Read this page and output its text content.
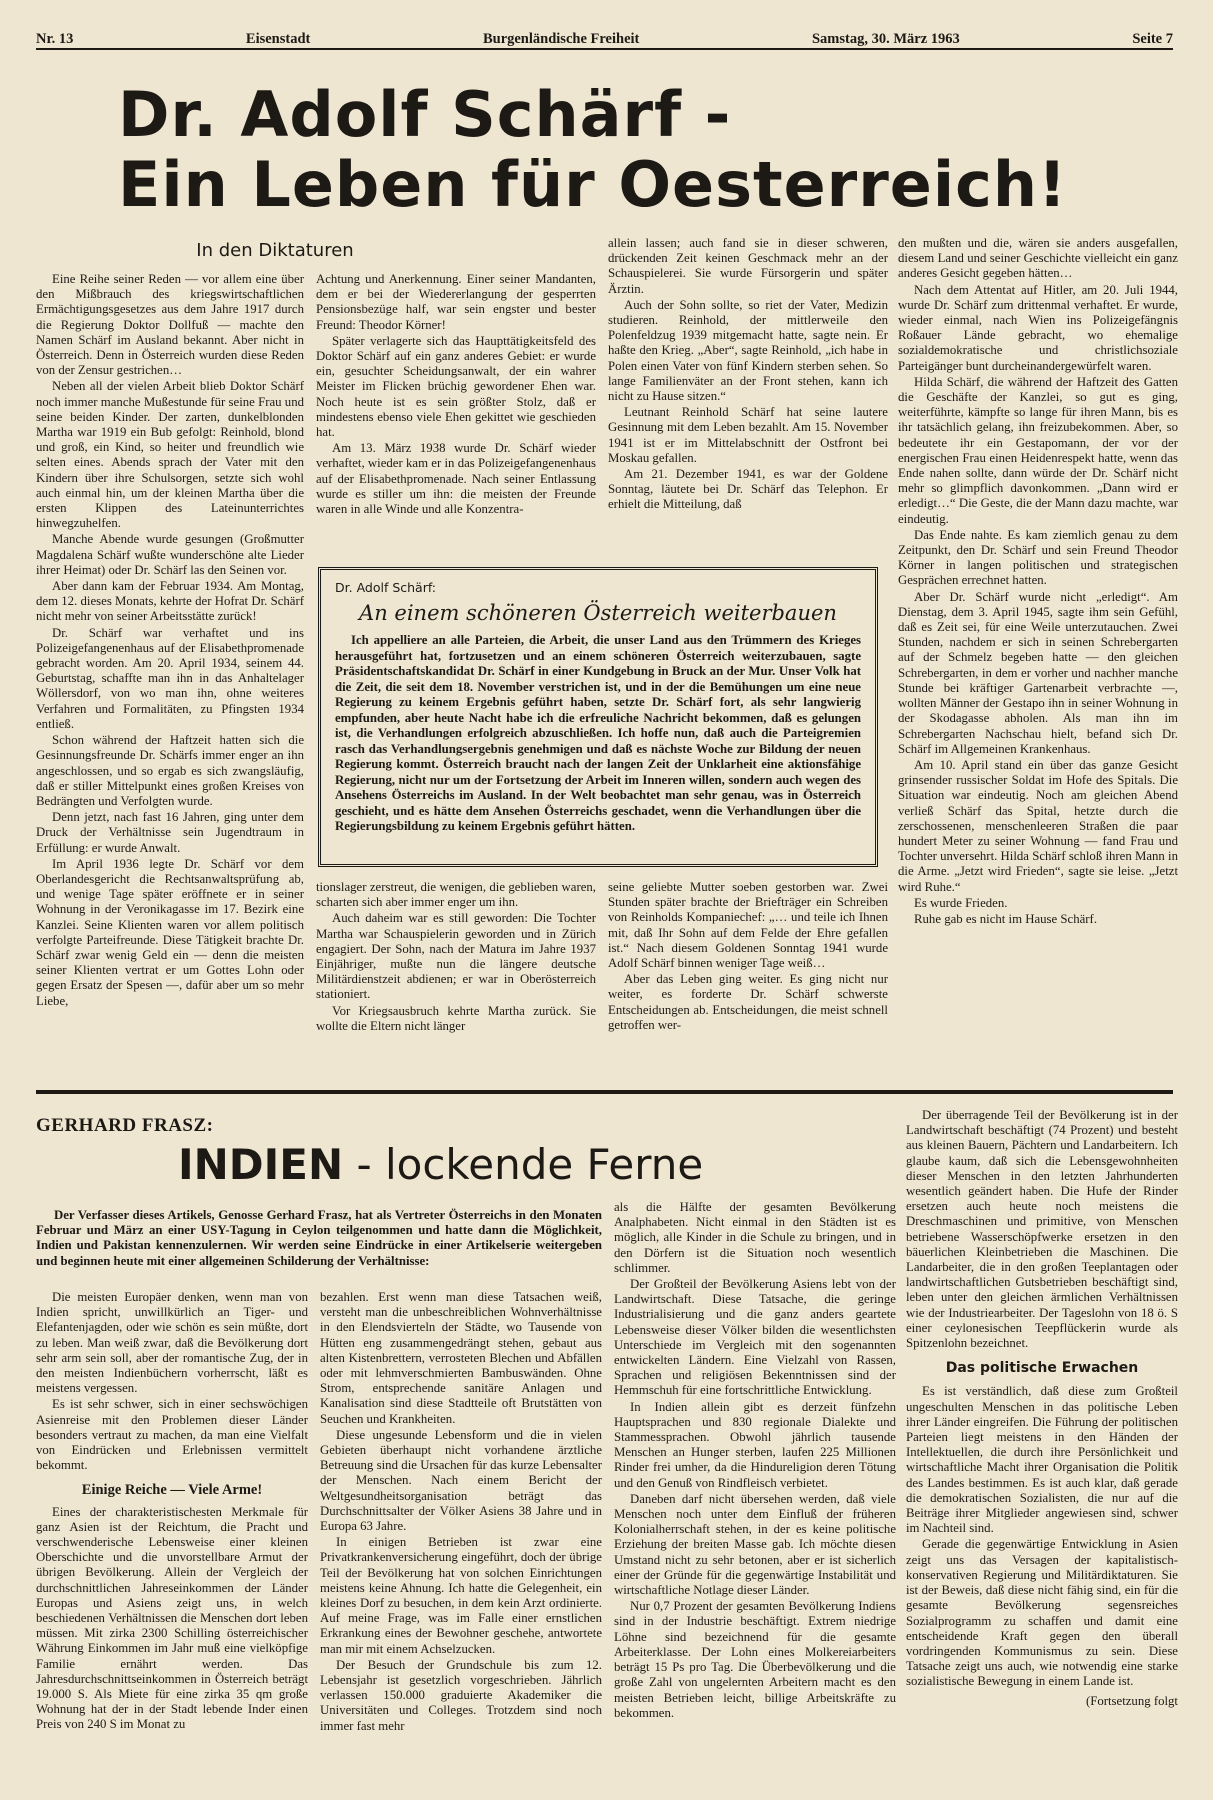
Nr. 13	Eisenstadt	Burgenländische Freiheit	Samstag, 30. März 1963	Seite 7
Dr. Adolf Schärf -
Ein Leben für Oesterreich!
In den Diktaturen

Eine Reihe seiner Reden — vor allem eine über den Mißbrauch des kriegswirtschaftlichen Ermächtigungsgesetzes aus dem Jahre 1917 durch die Regierung Doktor Dollfuß — machte den Namen Schärf im Ausland bekannt. Aber nicht in Österreich. Denn in Österreich wurden diese Reden von der Zensur gestrichen…

Neben all der vielen Arbeit blieb Doktor Schärf noch immer manche Mußestunde für seine Frau und seine beiden Kinder. Der zarten, dunkelblonden Martha war 1919 ein Bub gefolgt: Reinhold, blond und groß, ein Kind, so heiter und freundlich wie selten eines. Abends sprach der Vater mit den Kindern über ihre Schulsorgen, setzte sich wohl auch einmal hin, um der kleinen Martha über die ersten Klippen des Lateinunterrichtes hinwegzuhelfen.

Manche Abende wurde gesungen (Großmutter Magdalena Schärf wußte wunderschöne alte Lieder ihrer Heimat) oder Dr. Schärf las den Seinen vor.

Aber dann kam der Februar 1934. Am Montag, dem 12. dieses Monats, kehrte der Hofrat Dr. Schärf nicht mehr von seiner Arbeitsstätte zurück!

Dr. Schärf war verhaftet und ins Polizeigefangenenhaus auf der Elisabethpromenade gebracht worden. Am 20. April 1934, seinem 44. Geburtstag, schaffte man ihn in das Anhaltelager Wöllersdorf, von wo man ihn, ohne weiteres Verfahren und Formalitäten, zu Pfingsten 1934 entließ.

Schon während der Haftzeit hatten sich die Gesinnungsfreunde Dr. Schärfs immer enger an ihn angeschlossen, und so ergab es sich zwangsläufig, daß er stiller Mittelpunkt eines großen Kreises von Bedrängten und Verfolgten wurde.

Denn jetzt, nach fast 16 Jahren, ging unter dem Druck der Verhältnisse sein Jugendtraum in Erfüllung: er wurde Anwalt.

Im April 1936 legte Dr. Schärf vor dem Oberlandesgericht die Rechtsanwaltsprüfung ab, und wenige Tage später eröffnete er in seiner Wohnung in der Veronikagasse im 17. Bezirk eine Kanzlei. Seine Klienten waren vor allem politisch verfolgte Parteifreunde. Diese Tätigkeit brachte Dr. Schärf zwar wenig Geld ein — denn die meisten seiner Klienten vertrat er um Gottes Lohn oder gegen Ersatz der Spesen —, dafür aber um so mehr Liebe,

Achtung und Anerkennung. Einer seiner Mandanten, dem er bei der Wiedererlangung der gesperrten Pensionsbezüge half, war sein engster und bester Freund: Theodor Körner!

Später verlagerte sich das Haupttätigkeitsfeld des Doktor Schärf auf ein ganz anderes Gebiet: er wurde ein, gesuchter Scheidungsanwalt, der ein wahrer Meister im Flicken brüchig gewordener Ehen war. Noch heute ist es sein größter Stolz, daß er mindestens ebenso viele Ehen gekittet wie geschieden hat.

Am 13. März 1938 wurde Dr. Schärf wieder verhaftet, wieder kam er in das Polizeigefangenenhaus auf der Elisabethpromenade. Nach seiner Entlassung wurde es stiller um ihn: die meisten der Freunde waren in alle Winde und alle Konzentra-

allein lassen; auch fand sie in dieser schweren, drückenden Zeit keinen Geschmack mehr an der Schauspielerei. Sie wurde Fürsorgerin und später Ärztin.

Auch der Sohn sollte, so riet der Vater, Medizin studieren. Reinhold, der mittlerweile den Polenfeldzug 1939 mitgemacht hatte, sagte nein. Er haßte den Krieg. „Aber“, sagte Reinhold, „ich habe in Polen einen Vater von fünf Kindern sterben sehen. So lange Familienväter an der Front stehen, kann ich nicht zu Hause sitzen.“

Leutnant Reinhold Schärf hat seine lautere Gesinnung mit dem Leben bezahlt. Am 15. November 1941 ist er im Mittelabschnitt der Ostfront bei Moskau gefallen.

Am 21. Dezember 1941, es war der Goldene Sonntag, läutete bei Dr. Schärf das Telephon. Er erhielt die Mitteilung, daß

den mußten und die, wären sie anders ausgefallen, diesem Land und seiner Geschichte vielleicht ein ganz anderes Gesicht gegeben hätten…

Nach dem Attentat auf Hitler, am 20. Juli 1944, wurde Dr. Schärf zum drittenmal verhaftet. Er wurde, wieder einmal, nach Wien ins Polizeigefängnis Roßauer Lände gebracht, wo ehemalige sozialdemokratische und christlichsoziale Parteigänger bunt durcheinandergewürfelt waren.

Hilda Schärf, die während der Haftzeit des Gatten die Geschäfte der Kanzlei, so gut es ging, weiterführte, kämpfte so lange für ihren Mann, bis es ihr tatsächlich gelang, ihn freizubekommen. Aber, so bedeutete ihr ein Gestapomann, der vor der energischen Frau einen Heidenrespekt hatte, wenn das Ende nahen sollte, dann würde der Dr. Schärf nicht mehr so glimpflich davonkommen. „Dann wird er erledigt…“ Die Geste, die der Mann dazu machte, war eindeutig.

Das Ende nahte. Es kam ziemlich genau zu dem Zeitpunkt, den Dr. Schärf und sein Freund Theodor Körner in langen politischen und strategischen Gesprächen errechnet hatten.

Aber Dr. Schärf wurde nicht „erledigt“. Am Dienstag, dem 3. April 1945, sagte ihm sein Gefühl, daß es Zeit sei, für eine Weile unterzutauchen. Zwei Stunden, nachdem er sich in seinen Schrebergarten auf der Schmelz begeben hatte — den gleichen Schrebergarten, in dem er vorher und nachher manche Stunde bei kräftiger Gartenarbeit verbrachte —, wollten Männer der Gestapo ihn in seiner Wohnung in der Skodagasse abholen. Als man ihn im Schrebergarten Nachschau hielt, befand sich Dr. Schärf im Allgemeinen Krankenhaus.

Am 10. April stand ein über das ganze Gesicht grinsender russischer Soldat im Hofe des Spitals. Die Situation war eindeutig. Noch am gleichen Abend verließ Schärf das Spital, hetzte durch die zerschossenen, menschenleeren Straßen die paar hundert Meter zu seiner Wohnung — fand Frau und Tochter unversehrt. Hilda Schärf schloß ihren Mann in die Arme. „Jetzt wird Frieden“, sagte sie leise. „Jetzt wird Ruhe.“

Es wurde Frieden.

Ruhe gab es nicht im Hause Schärf.

Dr. Adolf Schärf:
An einem schöneren Österreich weiterbauen
Ich appelliere an alle Parteien, die Arbeit, die unser Land aus den Trümmern des Krieges herausgeführt hat, fortzusetzen und an einem schöneren Österreich weiterzubauen, sagte Präsidentschaftskandidat Dr. Schärf in einer Kundgebung in Bruck an der Mur. Unser Volk hat die Zeit, die seit dem 18. November verstrichen ist, und in der die Bemühungen um eine neue Regierung zu keinem Ergebnis geführt haben, setzte Dr. Schärf fort, als sehr langwierig empfunden, aber heute Nacht habe ich die erfreuliche Nachricht bekommen, daß es gelungen ist, die Verhandlungen erfolgreich abzuschließen. Ich hoffe nun, daß auch die Parteigremien rasch das Verhandlungsergebnis genehmigen und daß es nächste Woche zur Bildung der neuen Regierung kommt. Österreich braucht nach der langen Zeit der Unklarheit eine aktionsfähige Regierung, nicht nur um der Fortsetzung der Arbeit im Inneren willen, sondern auch wegen des Ansehens Österreichs im Ausland. In der Welt beobachtet man sehr genau, was in Österreich geschieht, und es hätte dem Ansehen Österreichs geschadet, wenn die Verhandlungen über die Regierungsbildung zu keinem Ergebnis geführt hätten.

tionslager zerstreut, die wenigen, die geblieben waren, scharten sich aber immer enger um ihn.

Auch daheim war es still geworden: Die Tochter Martha war Schauspielerin geworden und in Zürich engagiert. Der Sohn, nach der Matura im Jahre 1937 Einjähriger, mußte nun die längere deutsche Militärdienstzeit abdienen; er war in Oberösterreich stationiert.

Vor Kriegsausbruch kehrte Martha zurück. Sie wollte die Eltern nicht länger

seine geliebte Mutter soeben gestorben war. Zwei Stunden später brachte der Briefträger ein Schreiben von Reinholds Kompaniechef: „… und teile ich Ihnen mit, daß Ihr Sohn auf dem Felde der Ehre gefallen ist.“ Nach diesem Goldenen Sonntag 1941 wurde Adolf Schärf binnen weniger Tage weiß…

Aber das Leben ging weiter. Es ging nicht nur weiter, es forderte Dr. Schärf schwerste Entscheidungen ab. Entscheidungen, die meist schnell getroffen wer-

GERHARD FRASZ:
INDIEN - lockende Ferne
Der Verfasser dieses Artikels, Genosse Gerhard Frasz, hat als Vertreter Österreichs in den Monaten Februar und März an einer USY-Tagung in Ceylon teilgenommen und hatte dann die Möglichkeit, Indien und Pakistan kennenzulernen. Wir werden seine Eindrücke in einer Artikelserie weitergeben und beginnen heute mit einer allgemeinen Schilderung der Verhältnisse:

Die meisten Europäer denken, wenn man von Indien spricht, unwillkürlich an Tiger- und Elefantenjagden, oder wie schön es sein müßte, dort zu leben. Man weiß zwar, daß die Bevölkerung dort sehr arm sein soll, aber der romantische Zug, der in den meisten Indienbüchern vorherrscht, läßt es meistens vergessen.

Es ist sehr schwer, sich in einer sechswöchigen Asienreise mit den Problemen dieser Länder besonders vertraut zu machen, da man eine Vielfalt von Eindrücken und Erlebnissen vermittelt bekommt.

Einige Reiche — Viele Arme!

Eines der charakteristischesten Merkmale für ganz Asien ist der Reichtum, die Pracht und verschwenderische Lebensweise einer kleinen Oberschichte und die unvorstellbare Armut der übrigen Bevölkerung. Allein der Vergleich der durchschnittlichen Jahreseinkommen der Länder Europas und Asiens zeigt uns, in welch beschiedenen Verhältnissen die Menschen dort leben müssen. Mit zirka 2300 Schilling österreichischer Währung Einkommen im Jahr muß eine vielköpfige Familie ernährt werden. Das Jahresdurchschnittseinkommen in Österreich beträgt 19.000 S. Als Miete für eine zirka 35 qm große Wohnung hat der in der Stadt lebende Inder einen Preis von 240 S im Monat zu

bezahlen. Erst wenn man diese Tatsachen weiß, versteht man die unbeschreiblichen Wohnverhältnisse in den Elendsvierteln der Städte, wo Tausende von Hütten eng zusammengedrängt stehen, gebaut aus alten Kistenbrettern, verrosteten Blechen und Abfällen oder mit lehmverschmierten Bambuswänden. Ohne Strom, entsprechende sanitäre Anlagen und Kanalisation sind diese Stadtteile oft Brutstätten von Seuchen und Krankheiten.

Diese ungesunde Lebensform und die in vielen Gebieten überhaupt nicht vorhandene ärztliche Betreuung sind die Ursachen für das kurze Lebensalter der Menschen. Nach einem Bericht der Weltgesundheitsorganisation beträgt das Durchschnittsalter der Völker Asiens 38 Jahre und in Europa 63 Jahre.

In einigen Betrieben ist zwar eine Privatkrankenversicherung eingeführt, doch der übrige Teil der Bevölkerung hat von solchen Einrichtungen meistens keine Ahnung. Ich hatte die Gelegenheit, ein kleines Dorf zu besuchen, in dem kein Arzt ordinierte. Auf meine Frage, was im Falle einer ernstlichen Erkrankung eines der Bewohner geschehe, antwortete man mir mit einem Achselzucken.

Der Besuch der Grundschule bis zum 12. Lebensjahr ist gesetzlich vorgeschrieben. Jährlich verlassen 150.000 graduierte Akademiker die Universitäten und Colleges. Trotzdem sind noch immer fast mehr

als die Hälfte der gesamten Bevölkerung Analphabeten. Nicht einmal in den Städten ist es möglich, alle Kinder in die Schule zu bringen, und in den Dörfern ist die Situation noch wesentlich schlimmer.

Der Großteil der Bevölkerung Asiens lebt von der Landwirtschaft. Diese Tatsache, die geringe Industrialisierung und die ganz anders geartete Lebensweise dieser Völker bilden die wesentlichsten Unterschiede im Vergleich mit den sogenannten entwickelten Ländern. Eine Vielzahl von Rassen, Sprachen und religiösen Bekenntnissen sind der Hemmschuh für eine fortschrittliche Entwicklung.

In Indien allein gibt es derzeit fünfzehn Hauptsprachen und 830 regionale Dialekte und Stammessprachen. Obwohl jährlich tausende Menschen an Hunger sterben, laufen 225 Millionen Rinder frei umher, da die Hindureligion deren Tötung und den Genuß von Rindfleisch verbietet.

Daneben darf nicht übersehen werden, daß viele Menschen noch unter dem Einfluß der früheren Kolonialherrschaft stehen, in der es keine politische Erziehung der breiten Masse gab. Ich möchte diesen Umstand nicht zu sehr betonen, aber er ist sicherlich einer der Gründe für die gegenwärtige Instabilität und wirtschaftliche Notlage dieser Länder.

Nur 0,7 Prozent der gesamten Bevölkerung Indiens sind in der Industrie beschäftigt. Extrem niedrige Löhne sind bezeichnend für die gesamte Arbeiterklasse. Der Lohn eines Molkereiarbeiters beträgt 15 Ps pro Tag. Die Überbevölkerung und die große Zahl von ungelernten Arbeitern macht es den meisten Betrieben leicht, billige Arbeitskräfte zu bekommen.

Der überragende Teil der Bevölkerung ist in der Landwirtschaft beschäftigt (74 Prozent) und besteht aus kleinen Bauern, Pächtern und Landarbeitern. Ich glaube kaum, daß sich die Lebensgewohnheiten dieser Menschen in den letzten Jahrhunderten wesentlich geändert haben. Die Hufe der Rinder ersetzen auch heute noch meistens die Dreschmaschinen und primitive, von Menschen betriebene Wasserschöpfwerke ersetzen in den bäuerlichen Kleinbetrieben die Maschinen. Die Landarbeiter, die in den großen Teeplantagen oder landwirtschaftlichen Gutsbetrieben beschäftigt sind, leben unter den gleichen ärmlichen Verhältnissen wie der Industriearbeiter. Der Tageslohn von 18 ö. S einer ceylonesischen Teepflückerin wurde als Spitzenlohn bezeichnet.

Das politische Erwachen

Es ist verständlich, daß diese zum Großteil ungeschulten Menschen in das politische Leben ihrer Länder eingreifen. Die Führung der politischen Parteien liegt meistens in den Händen der Intellektuellen, die durch ihre Persönlichkeit und wirtschaftliche Macht ihrer Organisation die Politik des Landes bestimmen. Es ist auch klar, daß gerade die demokratischen Sozialisten, die nur auf die Beiträge ihrer Mitglieder angewiesen sind, schwer im Nachteil sind.

Gerade die gegenwärtige Entwicklung in Asien zeigt uns das Versagen der kapitalistisch-konservativen Regierung und Militärdiktaturen. Sie ist der Beweis, daß diese nicht fähig sind, ein für die gesamte Bevölkerung segensreiches Sozialprogramm zu schaffen und damit eine entscheidende Kraft gegen den überall vordringenden Kommunismus zu sein. Diese Tatsache zeigt uns auch, wie notwendig eine starke sozialistische Bewegung in einem Lande ist.

(Fortsetzung folgt
